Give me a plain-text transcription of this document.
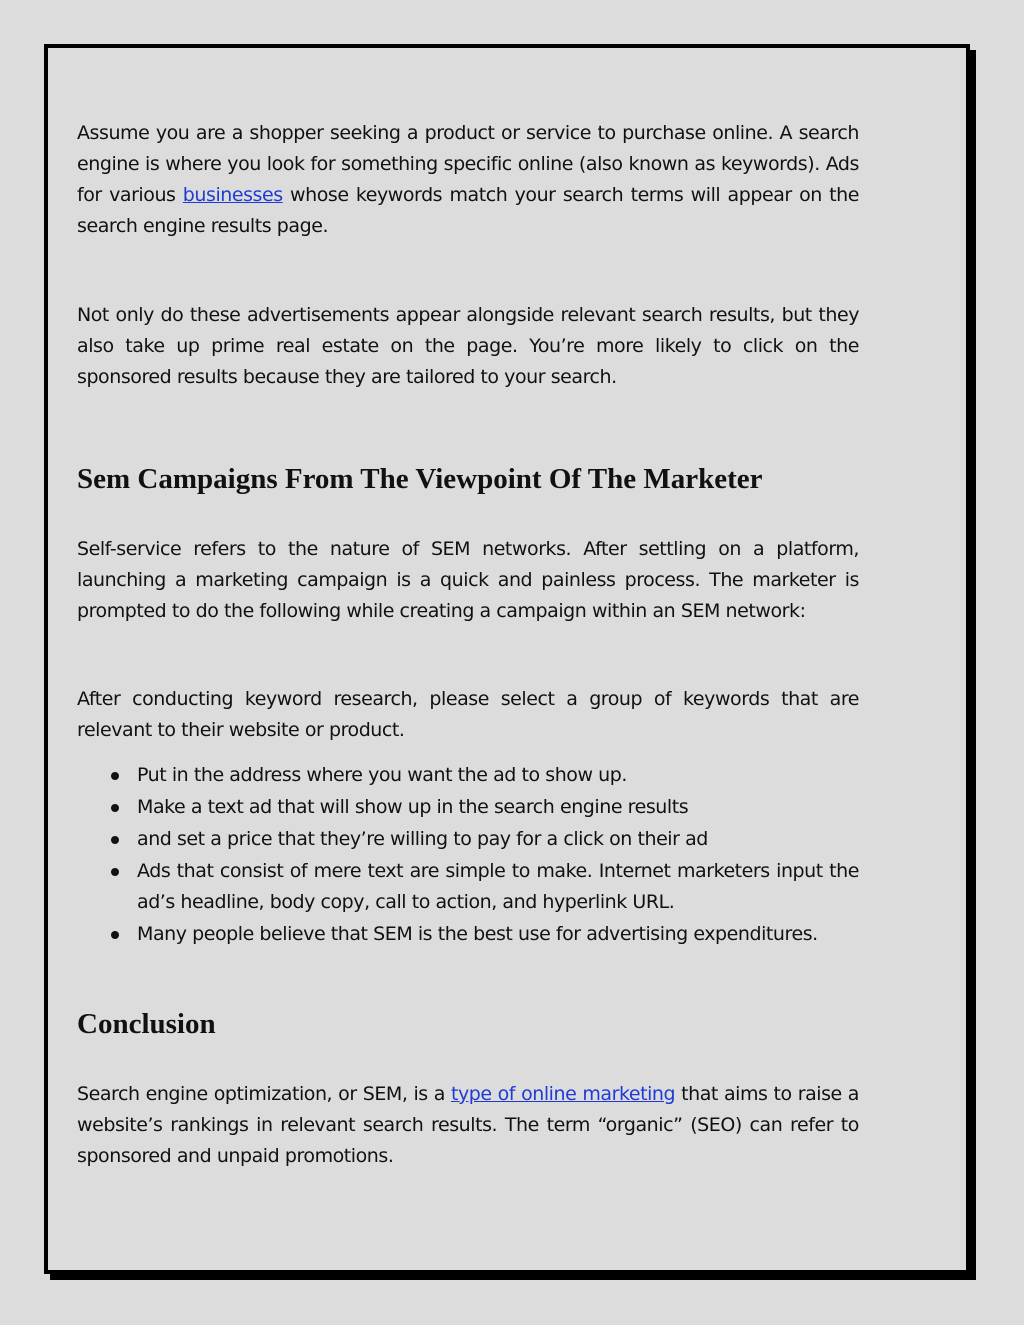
Assume you are a shopper seeking a product or service to purchase online. A search engine is where you look for something specific online (also known as keywords). Ads for various businesses whose keywords match your search terms will appear on the search engine results page.

Not only do these advertisements appear alongside relevant search results, but they also take up prime real estate on the page. You’re more likely to click on the sponsored results because they are tailored to your search.

Sem Campaigns From The Viewpoint Of The Marketer

Self-service refers to the nature of SEM networks. After settling on a platform, launching a marketing campaign is a quick and painless process. The marketer is prompted to do the following while creating a campaign within an SEM network:

After conducting keyword research, please select a group of keywords that are relevant to their website or product.

Put in the address where you want the ad to show up.
Make a text ad that will show up in the search engine results
and set a price that they’re willing to pay for a click on their ad
Ads that consist of mere text are simple to make. Internet marketers input the ad’s headline, body copy, call to action, and hyperlink URL.
Many people believe that SEM is the best use for advertising expenditures.
Conclusion

Search engine optimization, or SEM, is a type of online marketing that aims to raise a website’s rankings in relevant search results. The term “organic” (SEO) can refer to sponsored and unpaid promotions.
